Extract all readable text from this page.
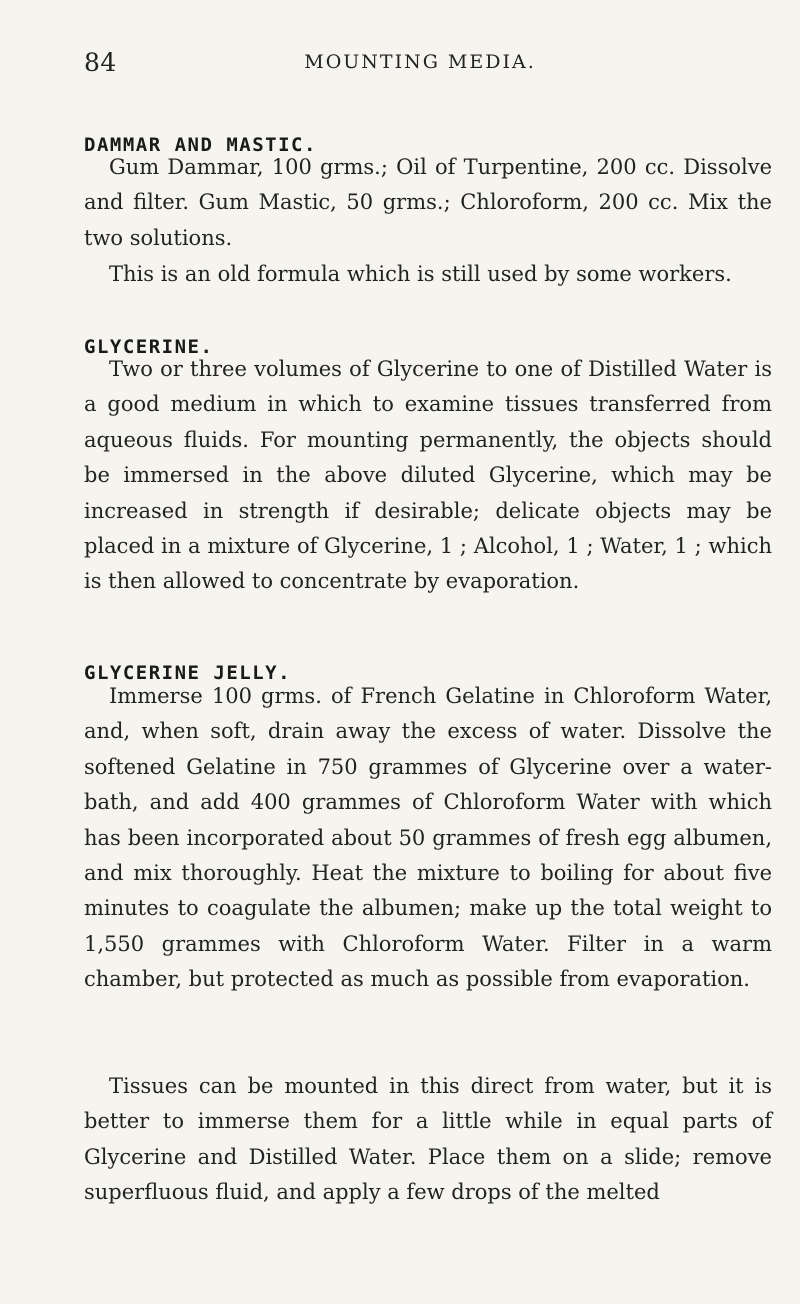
84	MOUNTING MEDIA.
DAMMAR AND MASTIC.

Gum Dammar, 100 grms.; Oil of Turpentine, 200 cc. Dissolve and filter. Gum Mastic, 50 grms.; Chloroform, 200 cc. Mix the two solutions.

This is an old formula which is still used by some workers.

GLYCERINE.

Two or three volumes of Glycerine to one of Distilled Water is a good medium in which to examine tissues transferred from aqueous fluids. For mounting permanently, the objects should be immersed in the above diluted Glycerine, which may be increased in strength if desirable; delicate objects may be placed in a mixture of Glycerine, 1 ; Alcohol, 1 ; Water, 1 ; which is then allowed to concentrate by evaporation.

GLYCERINE JELLY.

Immerse 100 grms. of French Gelatine in Chloroform Water, and, when soft, drain away the excess of water. Dissolve the softened Gelatine in 750 grammes of Glycerine over a water-bath, and add 400 grammes of Chloroform Water with which has been incorporated about 50 grammes of fresh egg albumen, and mix thoroughly. Heat the mixture to boiling for about five minutes to coagulate the albumen; make up the total weight to 1,550 grammes with Chloroform Water. Filter in a warm chamber, but protected as much as possible from evaporation.

Tissues can be mounted in this direct from water, but it is better to immerse them for a little while in equal parts of Glycerine and Distilled Water. Place them on a slide; remove superfluous fluid, and apply a few drops of the melted
